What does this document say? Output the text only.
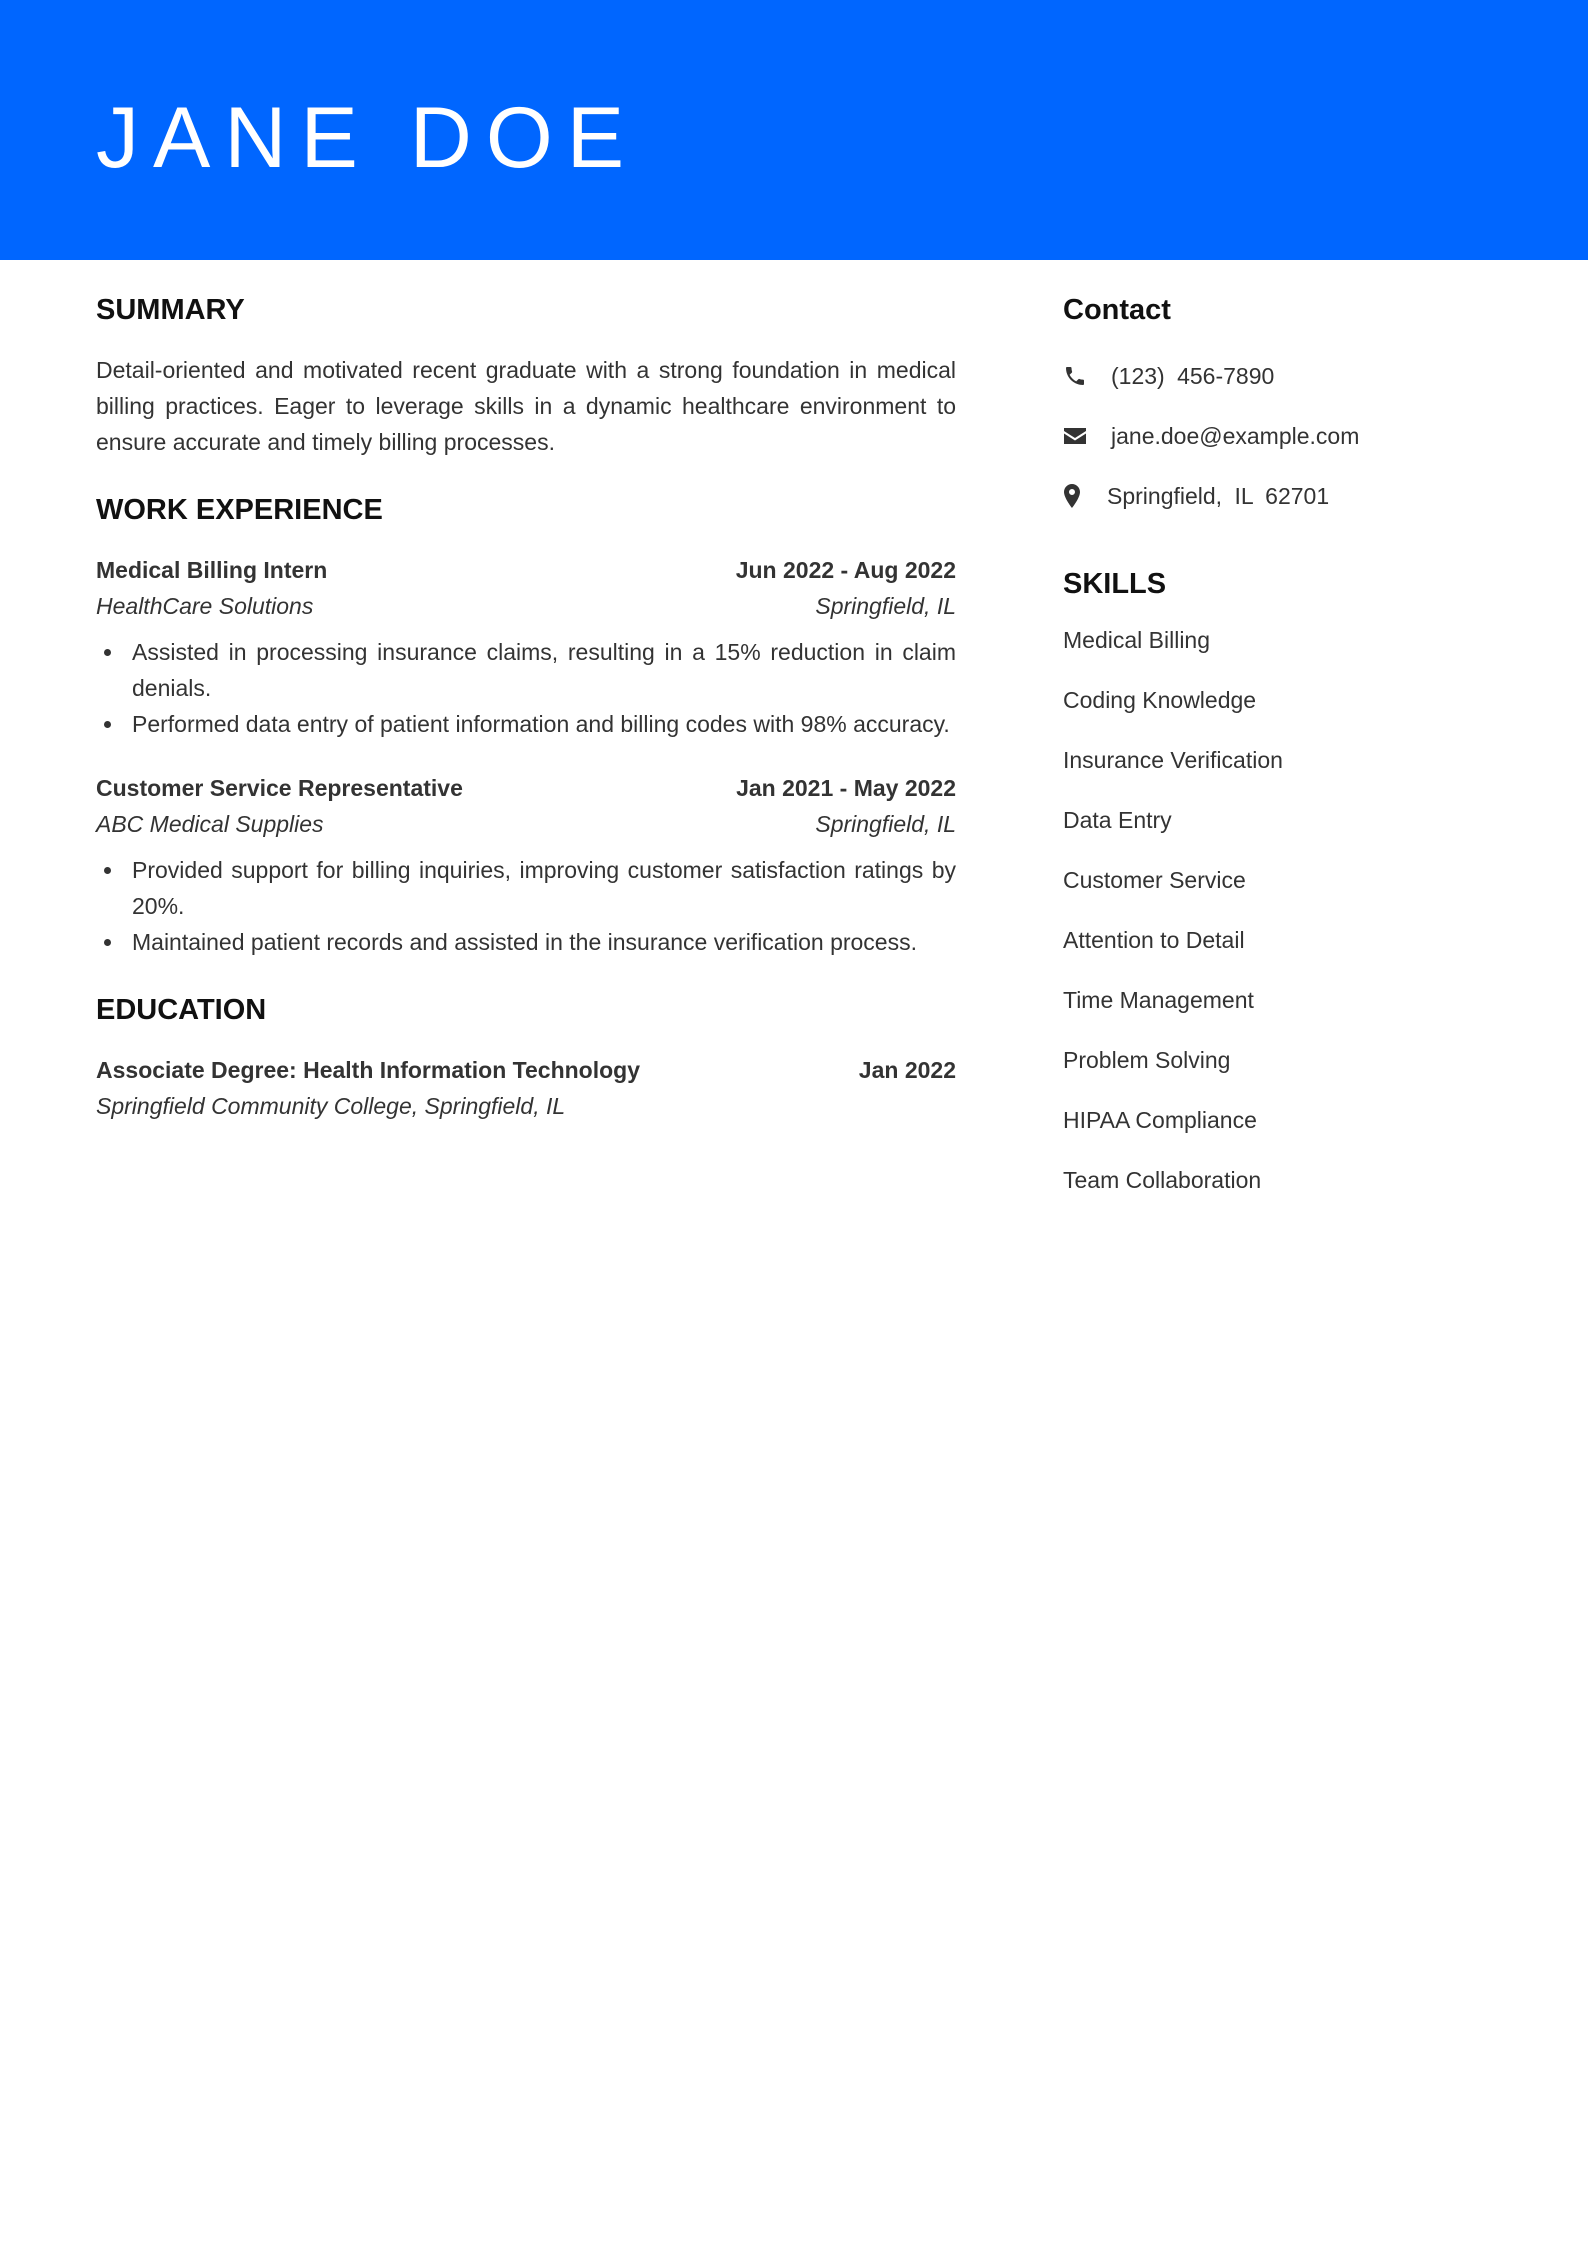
JANE DOE
SUMMARY

Detail-oriented and motivated recent graduate with a strong foundation in medical billing practices. Eager to leverage skills in a dynamic healthcare environment to ensure accurate and timely billing processes.

WORK EXPERIENCE
Medical Billing Intern	Jun 2022 - Aug 2022
HealthCare Solutions	Springfield, IL
Assisted in processing insurance claims, resulting in a 15% reduction in claim denials.
Performed data entry of patient information and billing codes with 98% accuracy.
Customer Service Representative	Jan 2021 - May 2022
ABC Medical Supplies	Springfield, IL
Provided support for billing inquiries, improving customer satisfaction ratings by 20%.
Maintained patient records and assisted in the insurance verification process.
EDUCATION
Associate Degree: Health Information Technology	Jan 2022
Springfield Community College, Springfield, IL
Contact
(123) 456-7890
jane.doe@example.com
Springfield, IL 62701
SKILLS
Medical Billing
Coding Knowledge
Insurance Verification
Data Entry
Customer Service
Attention to Detail
Time Management
Problem Solving
HIPAA Compliance
Team Collaboration
